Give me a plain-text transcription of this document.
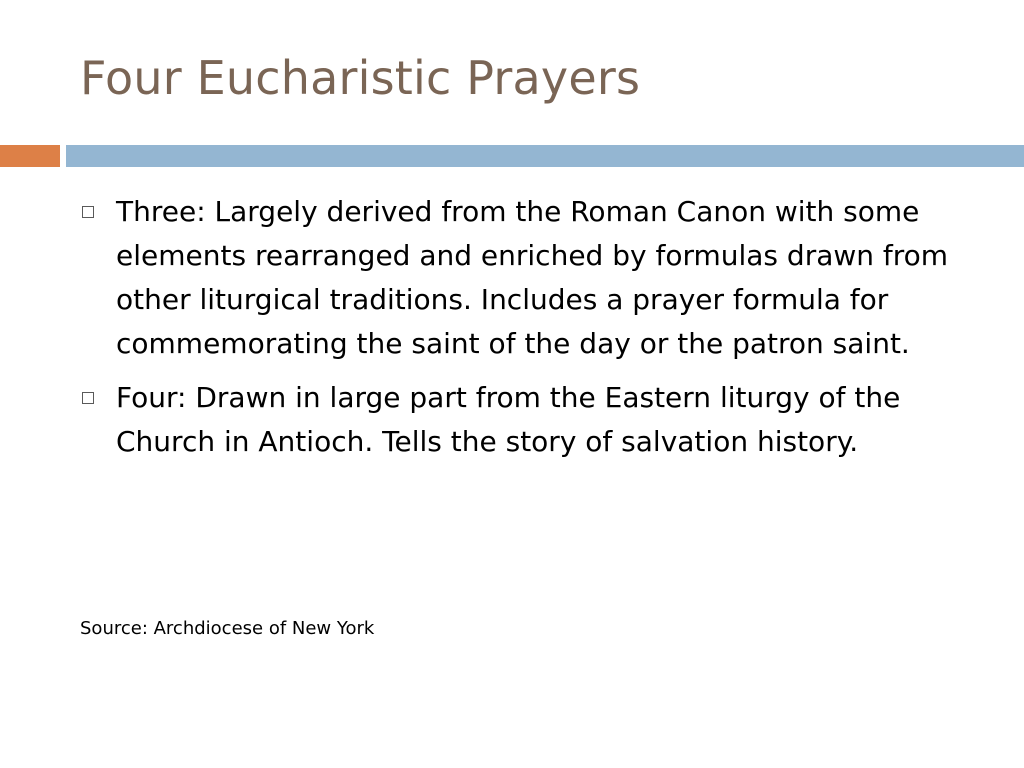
Four Eucharistic Prayers
Three: Largely derived from the Roman Canon with some elements rearranged and enriched by formulas drawn from other liturgical traditions. Includes a prayer formula for commemorating the saint of the day or the patron saint.
Four: Drawn in large part from the Eastern liturgy of the Church in Antioch. Tells the story of salvation history.

Source: Archdiocese of New York
